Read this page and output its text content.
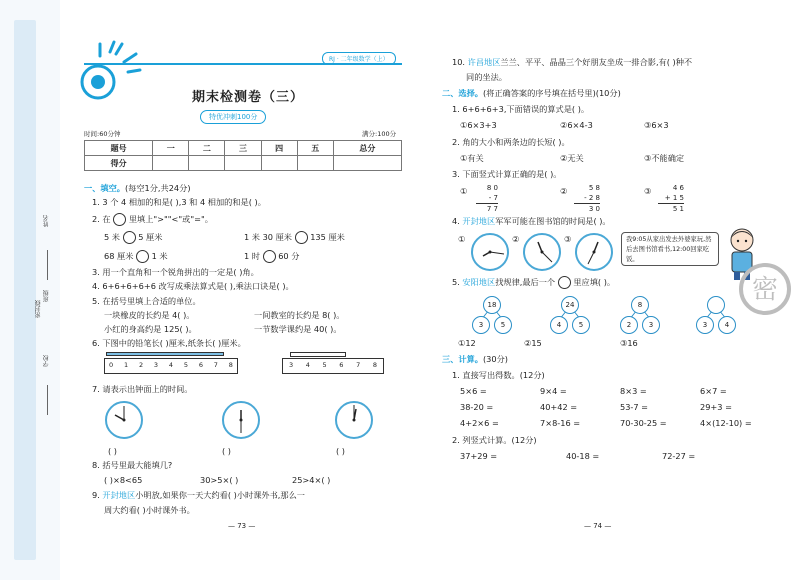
学校
班级
姓名
密封线
RJ · 二年级数学（上）
期末检测卷（三）
特优冲刺100分
时间:60分钟	满分:100分
题号	一	二	三	四	五	总分
得分						
一、填空。(每空1分,共24分)
1. 3 个 4 相加的和是( ),3 和 4 相加的和是( )。
2. 在 里填上">""<"或"="。
5 米 5 厘米	1 米 30 厘米 135 厘米
68 厘米 1 米	1 时 60 分
3. 用一个直角和一个锐角拼出的一定是( )角。
4. 6+6+6+6+6 改写成乘法算式是( ),乘法口诀是( )。
5. 在括号里填上合适的单位。
一块橡皮的长约是 4( )。	一间教室的长约是 8( )。
小红的身高约是 125( )。	一节数学课约是 40( )。
6. 下图中的铅笔长( )厘米,纸条长( )厘米。
0 1 2 3 4 5 6 7 8	3 4 5 6 7 8
7. 请表示出钟面上的时间。
( )	( )	( )
8. 括号里最大能填几?
( )×8<65	30>5×( )	25>4×( )
9. 开封地区小明放,如果你一天大约看( )小时课外书,那么一
周大约看( )小时课外书。
— 73 —
10. 许昌地区兰兰、平平、晶晶三个好朋友坐成一排合影,有( )种不
同的坐法。
二、选择。(将正确答案的序号填在括号里)(10分)
1. 6+6+6+3,下面错误的算式是( )。
①6×3+3	②6×4-3	③6×3
2. 角的大小和两条边的长短( )。
①有关	②无关	③不能确定
3. 下面竖式计算正确的是( )。
①	8 0
- 7
7 7
②	5 8
- 2 8
3 0
③	4 6
+ 1 5
5 1
4. 开封地区军军可能在图书馆的时间是( )。
①	②	③	我9:05从家出发去外婆家玩,然后去图书馆看书,12:00回家吃饭。
密
5. 安阳地区找规律,最后一个 里应填( )。
18
3	5
24
4	5
8
2	3	3	4
①12	②15	③16
三、计算。(30分)
1. 直接写出得数。(12分)
5×6 =	9×4 =	8×3 =	6×7 =
38-20 =	40+42 =	53-7 =	29+3 =
4+2×6 =	7×8-16 =	70-30-25 =	4×(12-10) =
2. 列竖式计算。(12分)
37+29 =	40-18 =	72-27 =
— 74 —
